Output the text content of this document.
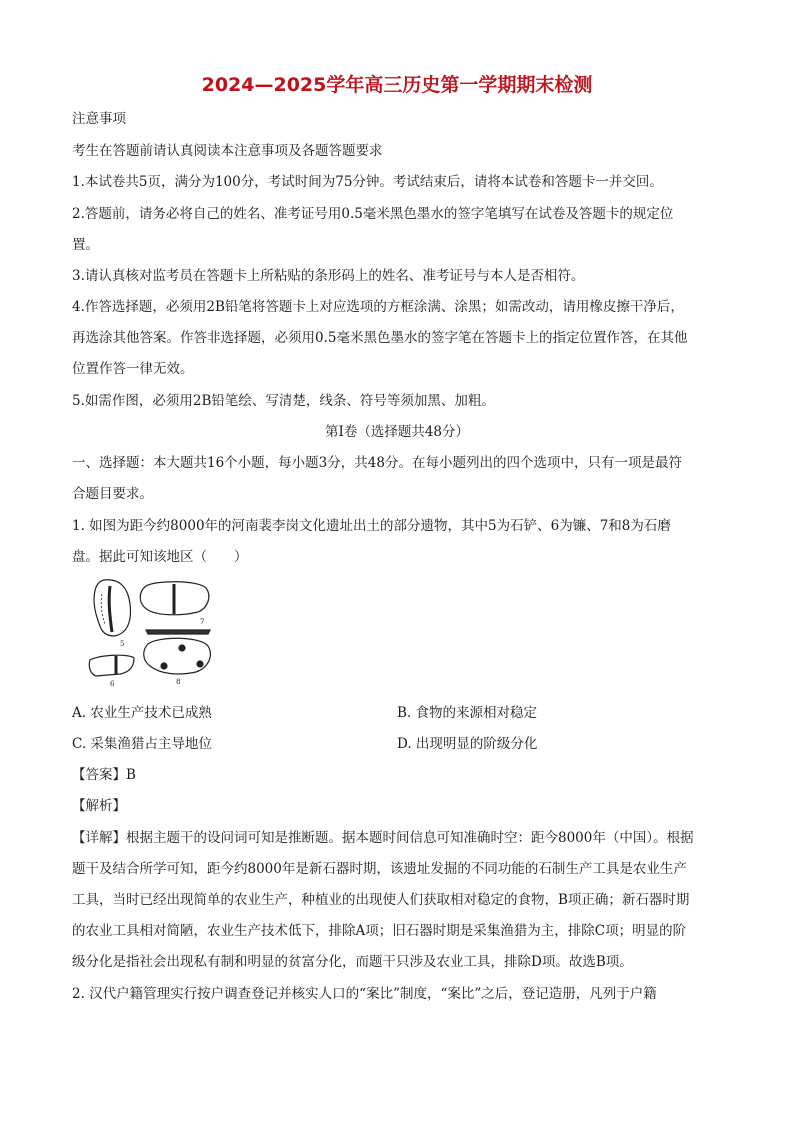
2024—2025学年高三历史第一学期期末检测
注意事项
考生在答题前请认真阅读本注意事项及各题答题要求
1.本试卷共5页，满分为100分，考试时间为75分钟。考试结束后，请将本试卷和答题卡一并交回。
2.答题前，请务必将自己的姓名、准考证号用0.5毫米黑色墨水的签字笔填写在试卷及答题卡的规定位
置。
3.请认真核对监考员在答题卡上所粘贴的条形码上的姓名、准考证号与本人是否相符。
4.作答选择题，必须用2B铅笔将答题卡上对应选项的方框涂满、涂黑；如需改动，请用橡皮擦干净后，
再选涂其他答案。作答非选择题，必须用0.5毫米黑色墨水的签字笔在答题卡上的指定位置作答，在其他
位置作答一律无效。
5.如需作图，必须用2B铅笔绘、写清楚，线条、符号等须加黑、加粗。
第Ⅰ卷（选择题共48分）
一、选择题：本大题共16个小题，每小题3分，共48分。在每小题列出的四个选项中，只有一项是最符
合题目要求。
1. 如图为距今约8000年的河南裴李岗文化遗址出土的部分遗物，其中5为石铲、6为镰、7和8为石磨
盘。据此可知该地区（　　）
5
6
7
8
A. 农业生产技术已成熟	B. 食物的来源相对稳定
C. 采集渔猎占主导地位	D. 出现明显的阶级分化
【答案】B
【解析】
【详解】根据主题干的设问词可知是推断题。据本题时间信息可知准确时空：距今8000年（中国）。根据
题干及结合所学可知，距今约8000年是新石器时期，该遗址发掘的不同功能的石制生产工具是农业生产
工具，当时已经出现简单的农业生产，种植业的出现使人们获取相对稳定的食物，B项正确；新石器时期
的农业工具相对简陋，农业生产技术低下，排除A项；旧石器时期是采集渔猎为主，排除C项；明显的阶
级分化是指社会出现私有制和明显的贫富分化，而题干只涉及农业工具，排除D项。故选B项。
2. 汉代户籍管理实行按户调查登记并核实人口的“案比”制度，“案比”之后，登记造册，凡列于户籍
